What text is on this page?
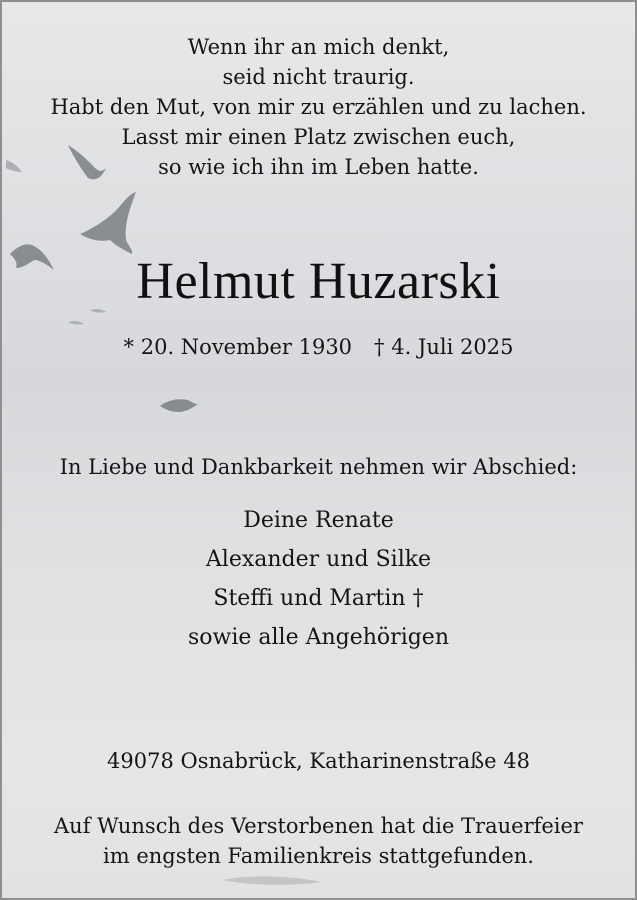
Wenn ihr an mich denkt,
seid nicht traurig.
Habt den Mut, von mir zu erzählen und zu lachen.
Lasst mir einen Platz zwischen euch,
so wie ich ihn im Leben hatte.
Helmut Huzarski
* 20. November 1930 † 4. Juli 2025
In Liebe und Dankbarkeit nehmen wir Abschied:
Deine Renate
Alexander und Silke
Steffi und Martin †
sowie alle Angehörigen
49078 Osnabrück, Katharinenstraße 48
Auf Wunsch des Verstorbenen hat die Trauerfeier
im engsten Familienkreis stattgefunden.
